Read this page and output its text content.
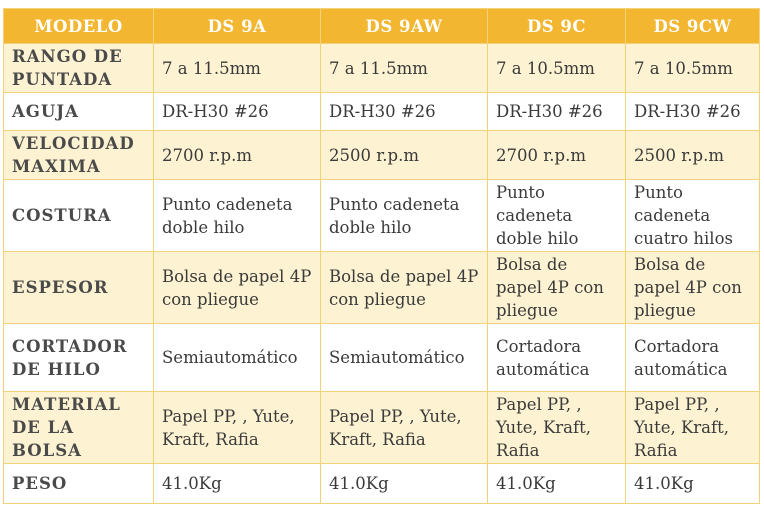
MODELO	DS 9A	DS 9AW	DS 9C	DS 9CW
RANGO DE PUNTADA	7 a 11.5mm	7 a 11.5mm	7 a 10.5mm	7 a 10.5mm
AGUJA	DR-H30 #26	DR-H30 #26	DR-H30 #26	DR-H30 #26
VELOCIDAD MAXIMA	2700 r.p.m	2500 r.p.m	2700 r.p.m	2500 r.p.m
COSTURA	Punto cadeneta doble hilo	Punto cadeneta doble hilo	Punto cadeneta doble hilo	Punto cadeneta cuatro hilos
ESPESOR	Bolsa de papel 4P con pliegue	Bolsa de papel 4P con pliegue	Bolsa de papel 4P con pliegue	Bolsa de papel 4P con pliegue
CORTADOR DE HILO	Semiautomático	Semiautomático	Cortadora automática	Cortadora automática
MATERIAL DE LA BOLSA	Papel PP, , Yute, Kraft, Rafia	Papel PP, , Yute, Kraft, Rafia	Papel PP, , Yute, Kraft, Rafia	Papel PP, , Yute, Kraft, Rafia
PESO	41.0Kg	41.0Kg	41.0Kg	41.0Kg
